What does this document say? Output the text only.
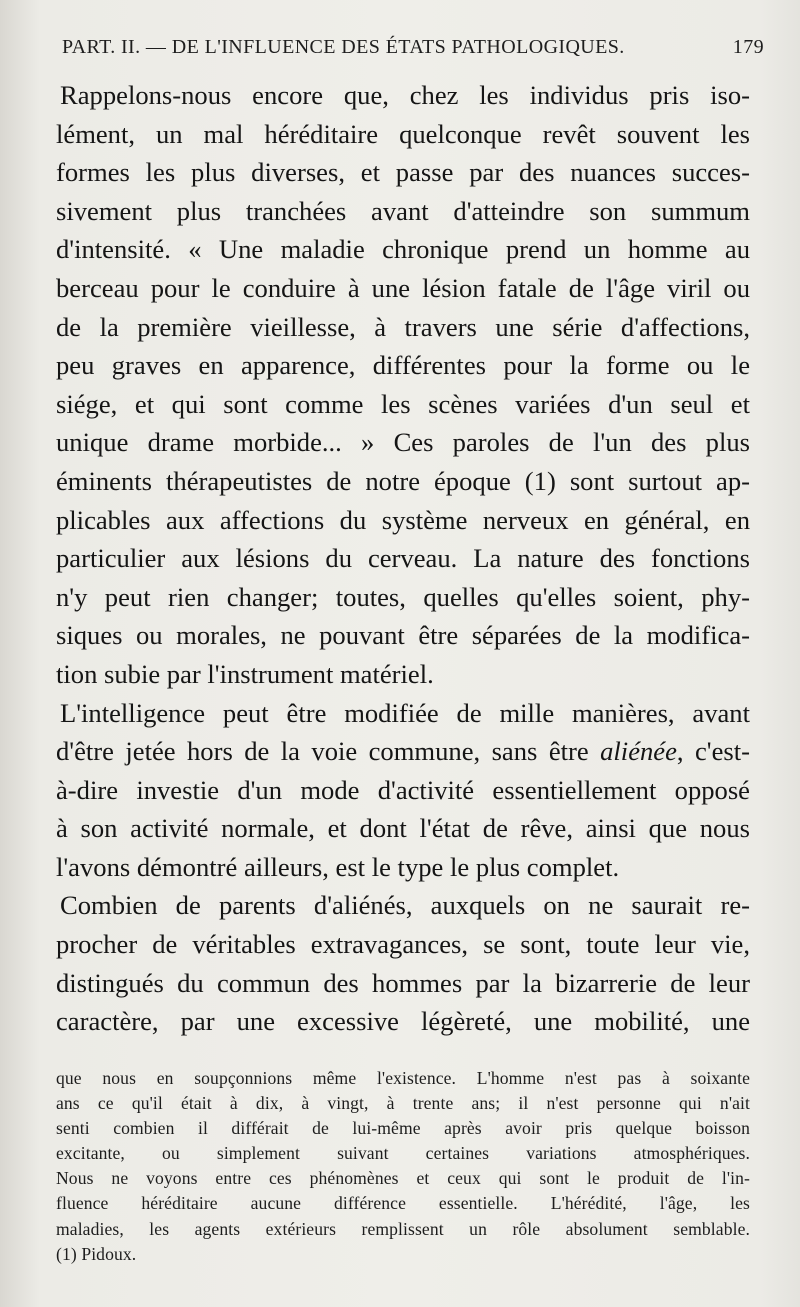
PART. II. — DE L'INFLUENCE DES ÉTATS PATHOLOGIQUES.	179
Rappelons-nous encore que, chez les individus pris iso-
lément, un mal héréditaire quelconque revêt souvent les
formes les plus diverses, et passe par des nuances succes-
sivement plus tranchées avant d'atteindre son summum
d'intensité. « Une maladie chronique prend un homme au
berceau pour le conduire à une lésion fatale de l'âge viril ou
de la première vieillesse, à travers une série d'affections,
peu graves en apparence, différentes pour la forme ou le
siége, et qui sont comme les scènes variées d'un seul et
unique drame morbide... » Ces paroles de l'un des plus
éminents thérapeutistes de notre époque (1) sont surtout ap-
plicables aux affections du système nerveux en général, en
particulier aux lésions du cerveau. La nature des fonctions
n'y peut rien changer; toutes, quelles qu'elles soient, phy-
siques ou morales, ne pouvant être séparées de la modifica-
tion subie par l'instrument matériel.
L'intelligence peut être modifiée de mille manières, avant
d'être jetée hors de la voie commune, sans être aliénée, c'est-
à-dire investie d'un mode d'activité essentiellement opposé
à son activité normale, et dont l'état de rêve, ainsi que nous
l'avons démontré ailleurs, est le type le plus complet.
Combien de parents d'aliénés, auxquels on ne saurait re-
procher de véritables extravagances, se sont, toute leur vie,
distingués du commun des hommes par la bizarrerie de leur
caractère, par une excessive légèreté, une mobilité, une
que nous en soupçonnions même l'existence. L'homme n'est pas à soixante
ans ce qu'il était à dix, à vingt, à trente ans; il n'est personne qui n'ait
senti combien il différait de lui-même après avoir pris quelque boisson
excitante, ou simplement suivant certaines variations atmosphériques.
Nous ne voyons entre ces phénomènes et ceux qui sont le produit de l'in-
fluence héréditaire aucune différence essentielle. L'hérédité, l'âge, les
maladies, les agents extérieurs remplissent un rôle absolument semblable.
(1) Pidoux.
